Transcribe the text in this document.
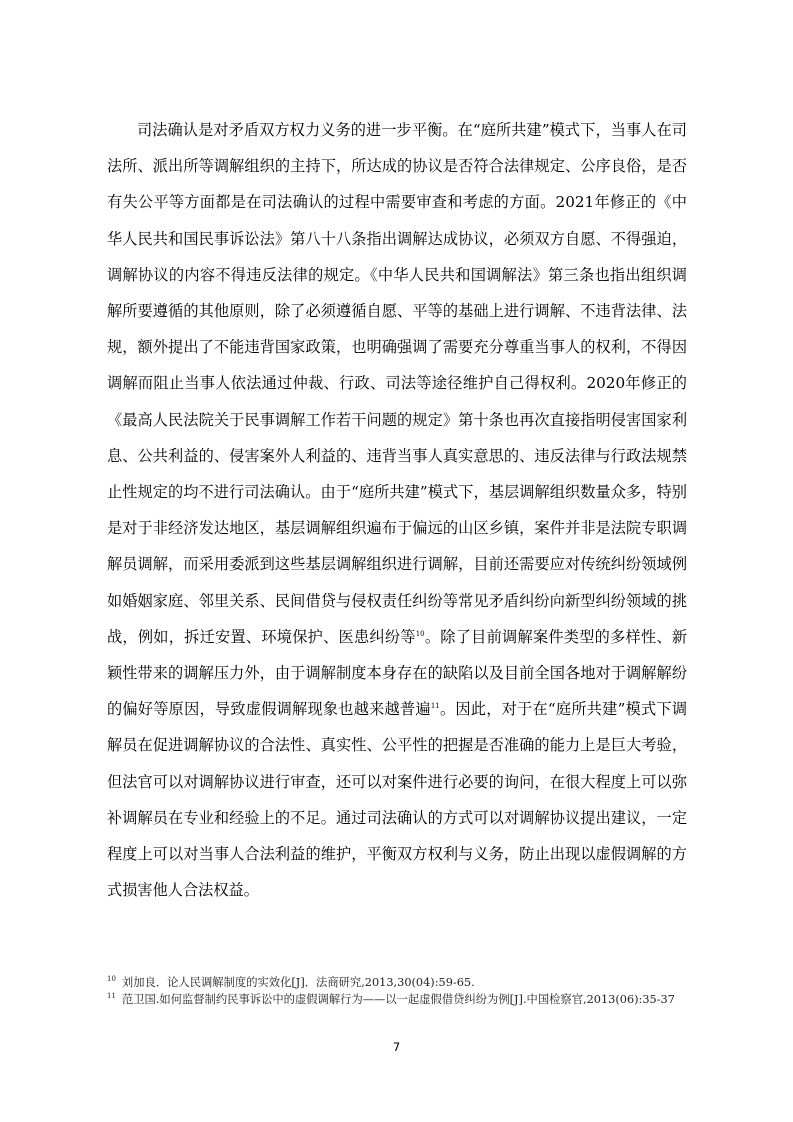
司法确认是对矛盾双方权力义务的进一步平衡。在“庭所共建”模式下，当事人在司法所、派出所等调解组织的主持下，所达成的协议是否符合法律规定、公序良俗，是否有失公平等方面都是在司法确认的过程中需要审查和考虑的方面。2021年修正的《中华人民共和国民事诉讼法》第八十八条指出调解达成协议，必须双方自愿、不得强迫，调解协议的内容不得违反法律的规定。《中华人民共和国调解法》第三条也指出组织调解所要遵循的其他原则，除了必须遵循自愿、平等的基础上进行调解、不违背法律、法规，额外提出了不能违背国家政策，也明确强调了需要充分尊重当事人的权利，不得因调解而阻止当事人依法通过仲裁、行政、司法等途径维护自己得权利。2020年修正的《最高人民法院关于民事调解工作若干问题的规定》第十条也再次直接指明侵害国家利息、公共利益的、侵害案外人利益的、违背当事人真实意思的、违反法律与行政法规禁止性规定的均不进行司法确认。由于“庭所共建”模式下，基层调解组织数量众多，特别是对于非经济发达地区，基层调解组织遍布于偏远的山区乡镇，案件并非是法院专职调解员调解，而采用委派到这些基层调解组织进行调解，目前还需要应对传统纠纷领域例如婚姻家庭、邻里关系、民间借贷与侵权责任纠纷等常见矛盾纠纷向新型纠纷领域的挑战，例如，拆迁安置、环境保护、医患纠纷等$^{10}$。除了目前调解案件类型的多样性、新颖性带来的调解压力外，由于调解制度本身存在的缺陷以及目前全国各地对于调解解纷的偏好等原因，导致虚假调解现象也越来越普遍$^{11}$。因此，对于在“庭所共建”模式下调解员在促进调解协议的合法性、真实性、公平性的把握是否准确的能力上是巨大考验，但法官可以对调解协议进行审查，还可以对案件进行必要的询问，在很大程度上可以弥补调解员在专业和经验上的不足。通过司法确认的方式可以对调解协议提出建议，一定程度上可以对当事人合法利益的维护，平衡双方权利与义务，防止出现以虚假调解的方式损害他人合法权益。

$^{10}$ 刘加良．论人民调解制度的实效化[J]．法商研究,2013,30(04):59-65.

$^{11}$ 范卫国.如何监督制约民事诉讼中的虚假调解行为——以一起虚假借贷纠纷为例[J].中国检察官,2013(06):35-37

7
